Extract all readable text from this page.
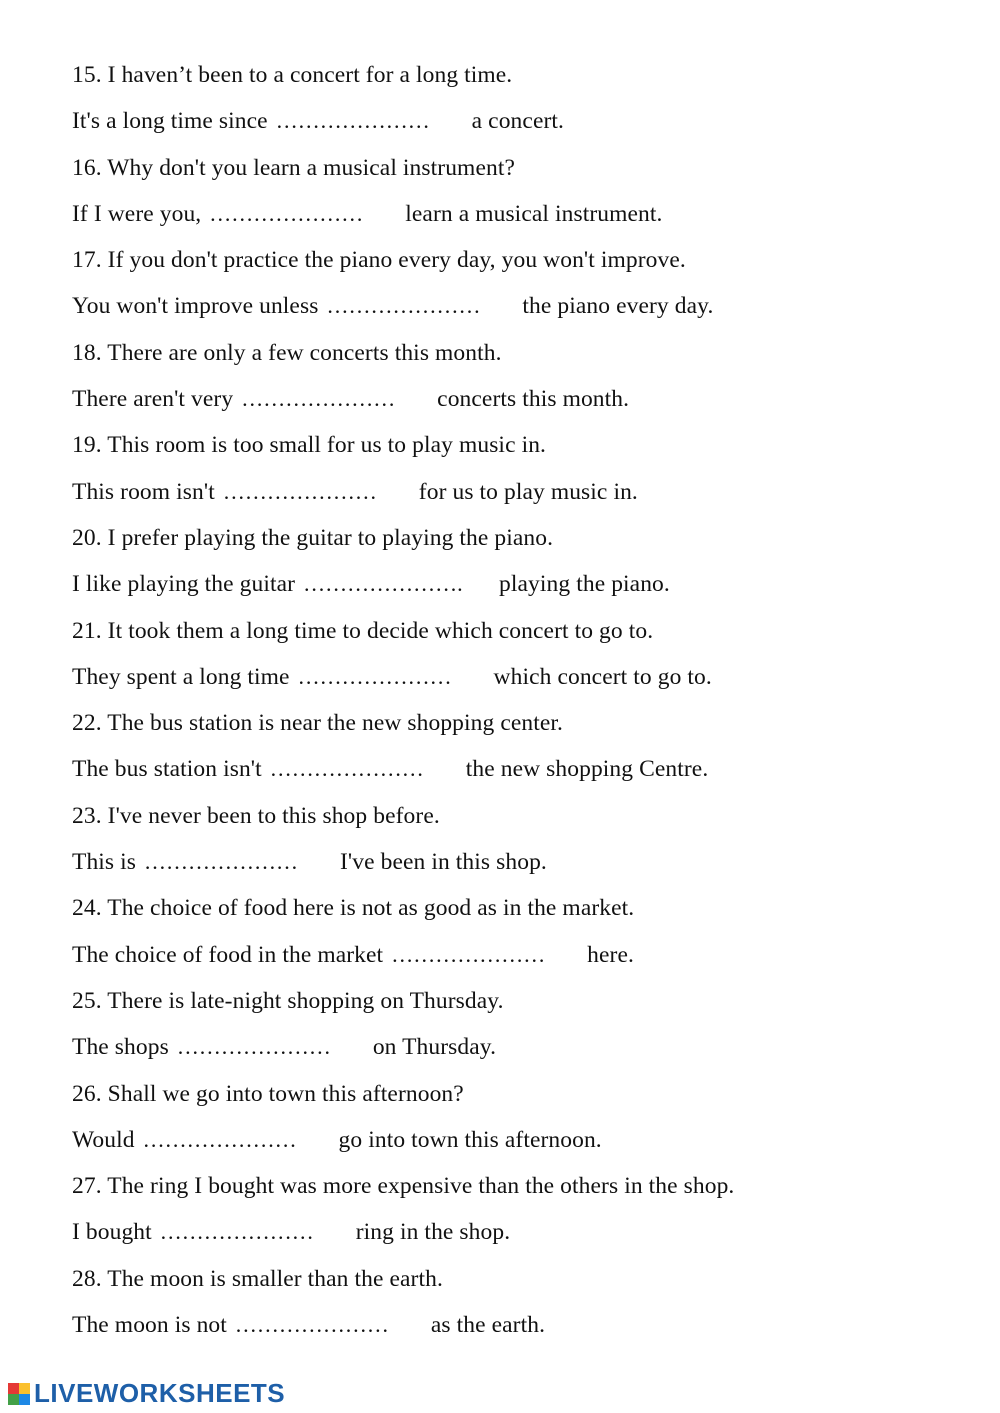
15. I haven’t been to a concert for a long time.
It's a long time since …………………	a concert.
16. Why don't you learn a musical instrument?
If I were you, …………………	learn a musical instrument.
17. If you don't practice the piano every day, you won't improve.
You won't improve unless …………………	the piano every day.
18. There are only a few concerts this month.
There aren't very …………………	concerts this month.
19. This room is too small for us to play music in.
This room isn't …………………	for us to play music in.
20. I prefer playing the guitar to playing the piano.
I like playing the guitar ………………….	playing the piano.
21. It took them a long time to decide which concert to go to.
They spent a long time …………………	which concert to go to.
22. The bus station is near the new shopping center.
The bus station isn't …………………	the new shopping Centre.
23. I've never been to this shop before.
This is …………………	I've been in this shop.
24. The choice of food here is not as good as in the market.
The choice of food in the market …………………	here.
25. There is late-night shopping on Thursday.
The shops …………………	on Thursday.
26. Shall we go into town this afternoon?
Would …………………	go into town this afternoon.
27. The ring I bought was more expensive than the others in the shop.
I bought …………………	ring in the shop.
28. The moon is smaller than the earth.
The moon is not …………………	as the earth.
LIVEWORKSHEETS
